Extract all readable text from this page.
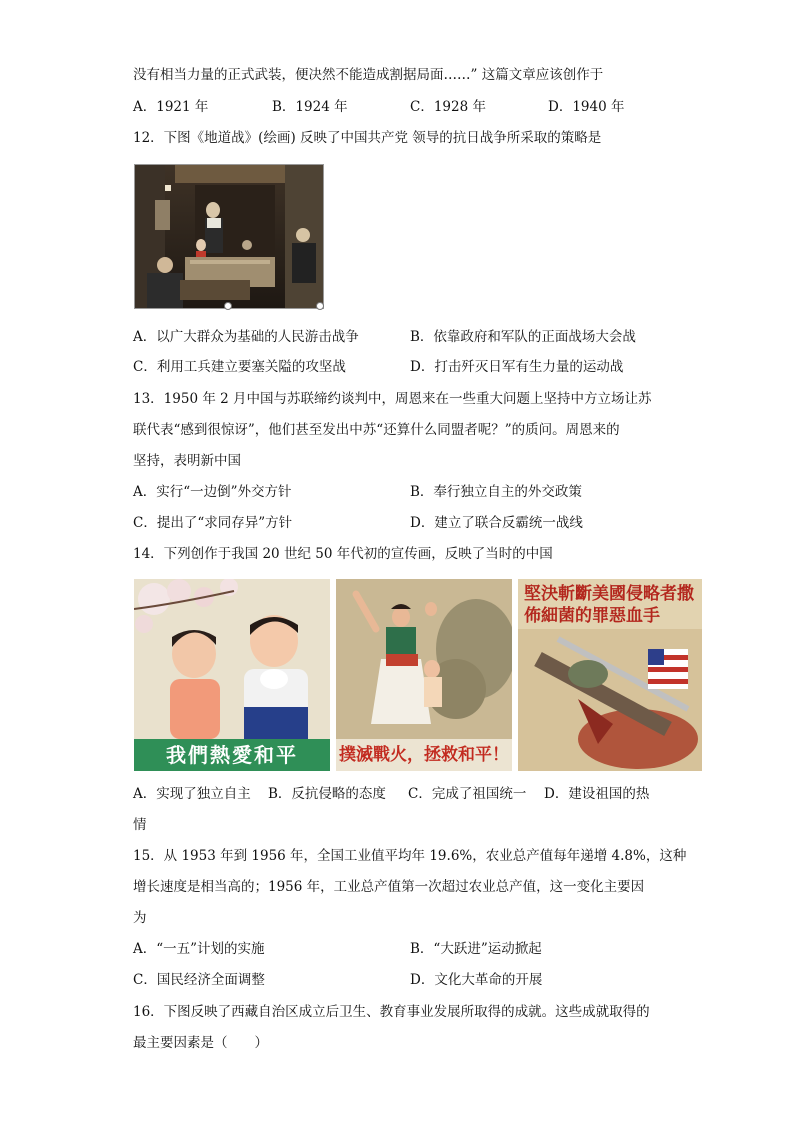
没有相当力量的正式武装，便决然不能造成割据局面……” 这篇文章应该创作于
A．1921 年	B．1924 年	C．1928 年	D．1940 年
12．下图《地道战》(绘画) 反映了中国共产党 领导的抗日战争所采取的策略是
A．以广大群众为基础的人民游击战争	B．依靠政府和军队的正面战场大会战
C．利用工兵建立要塞关隘的攻坚战	D．打击歼灭日军有生力量的运动战
13．1950 年 2 月中国与苏联缔约谈判中，周恩来在一些重大问题上坚持中方立场让苏
联代表“感到很惊讶”，他们甚至发出中苏“还算什么同盟者呢？”的质问。周恩来的
坚持，表明新中国
A．实行“一边倒”外交方针	B．奉行独立自主的外交政策
C．提出了“求同存异”方针	D．建立了联合反霸统一战线
14．下列创作于我国 20 世纪 50 年代初的宣传画，反映了当时的中国
我們熱愛和平	撲滅戰火，拯救和平！
堅決斬斷美國侵略者撒佈細菌的罪惡血手
A．实现了独立自主 B．反抗侵略的态度 C．完成了祖国统一 D．建设祖国的热
情
15．从 1953 年到 1956 年，全国工业值平均年 19.6%，农业总产值每年递增 4.8%，这种
增长速度是相当高的；1956 年，工业总产值第一次超过农业总产值，这一变化主要因
为
A．“一五”计划的实施	B．“大跃进”运动掀起
C．国民经济全面调整	D．文化大革命的开展
16．下图反映了西藏自治区成立后卫生、教育事业发展所取得的成就。这些成就取得的
最主要因素是（　　）
